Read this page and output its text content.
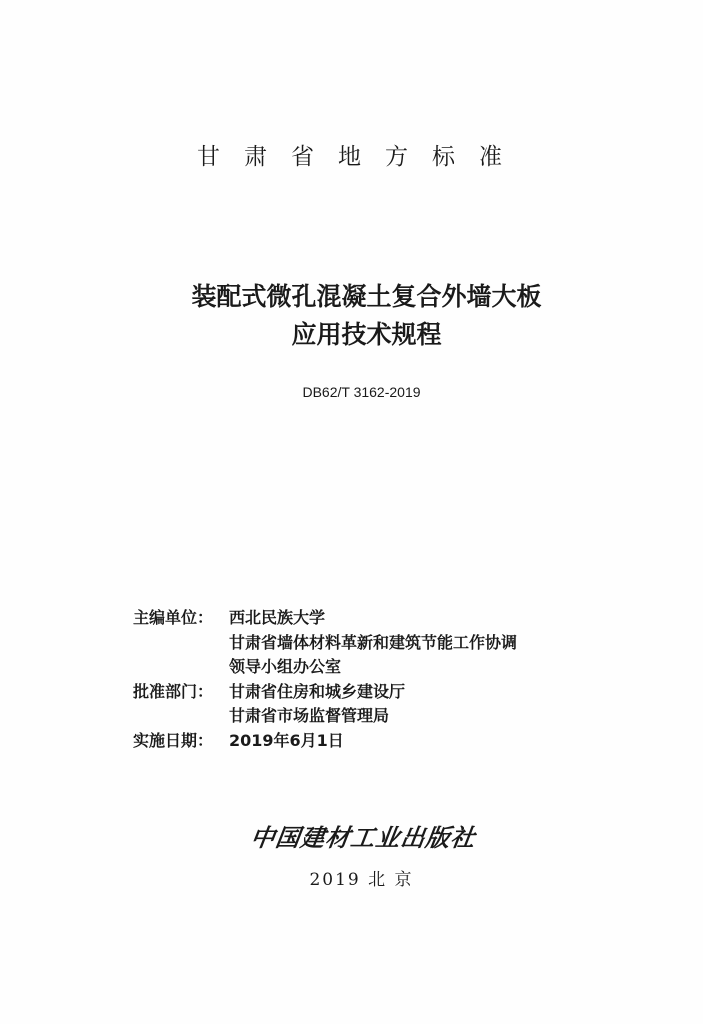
甘肃省地方标准
装配式微孔混凝土复合外墙大板
应用技术规程
DB62/T 3162-2019
主编单位： 西北民族大学
甘肃省墙体材料革新和建筑节能工作协调
领导小组办公室
批准部门： 甘肃省住房和城乡建设厅
甘肃省市场监督管理局
实施日期： 2019年6月1日
中国建材工业出版社
2019 北 京
